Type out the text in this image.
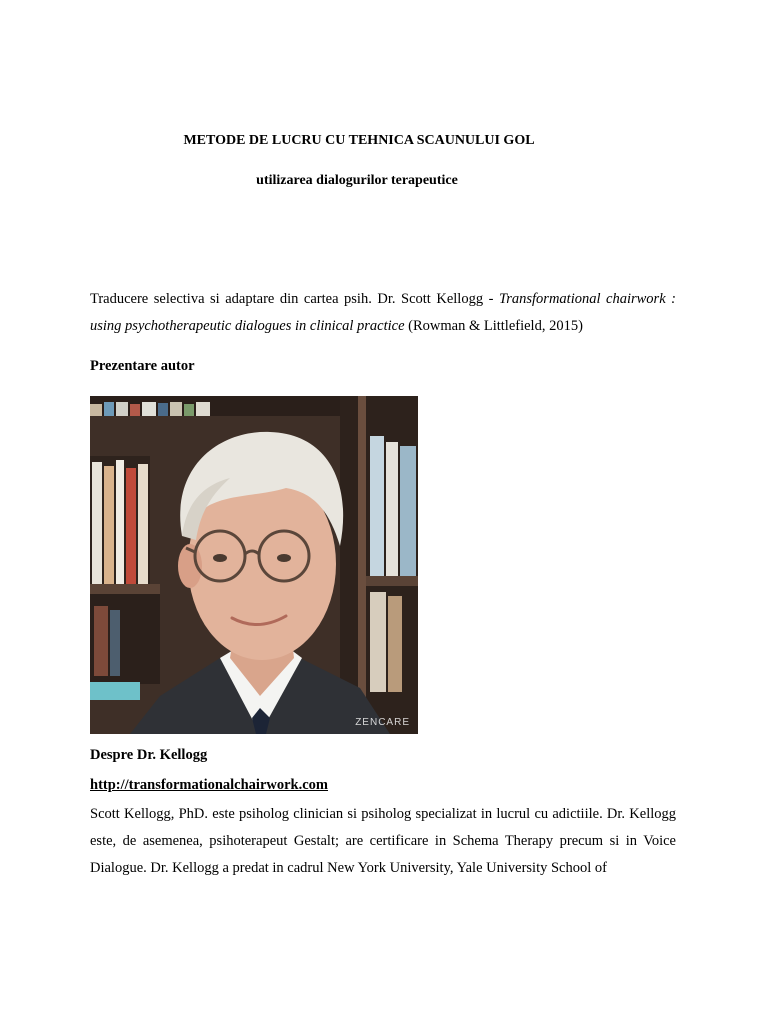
METODE DE LUCRU CU TEHNICA SCAUNULUI GOL
utilizarea dialogurilor terapeutice
Traducere selectiva si adaptare din cartea psih. Dr. Scott Kellogg - Transformational chairwork : using psychotherapeutic dialogues in clinical practice (Rowman & Littlefield, 2015)
Prezentare autor
ZENCARE
Despre Dr. Kellogg
http://transformationalchairwork.com
Scott Kellogg, PhD. este psiholog clinician si psiholog specializat in lucrul cu adictiile. Dr. Kellogg este, de asemenea, psihoterapeut Gestalt; are certificare in Schema Therapy precum si in Voice Dialogue. Dr. Kellogg a predat in cadrul New York University, Yale University School of
